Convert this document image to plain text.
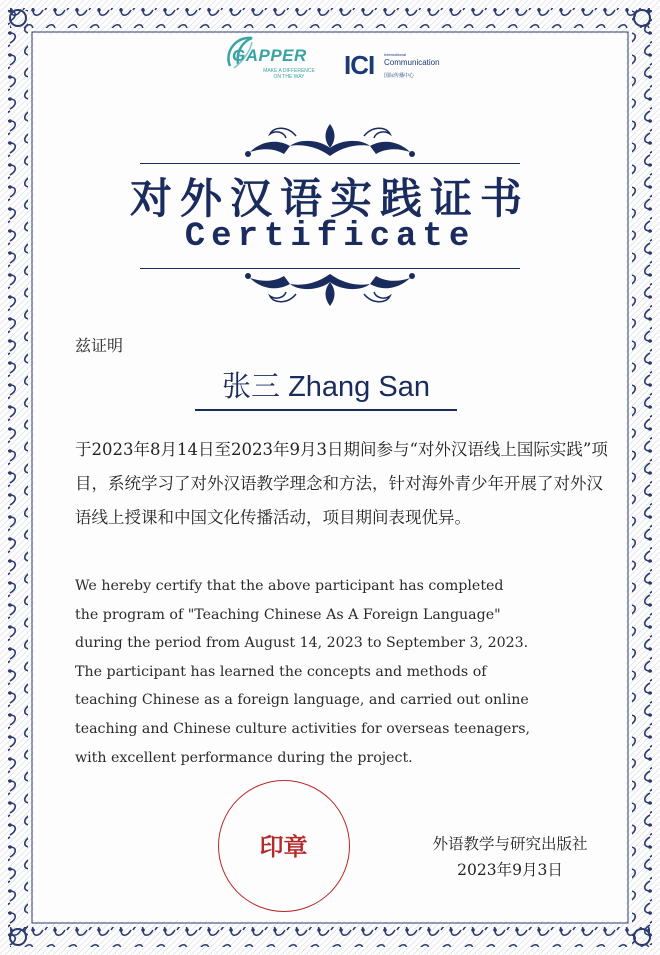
GAPPER
MAKE A DIFFERENCE
ON THE WAY	ICI International
Communication
国际传播中心
对外汉语实践证书
Certificate
兹证明
张三 Zhang San

于2023年8月14日至2023年9月3日期间参与“对外汉语线上国际实践”项目，系统学习了对外汉语教学理念和方法，针对海外青少年开展了对外汉语线上授课和中国文化传播活动，项目期间表现优异。

We hereby certify that the above participant has completed
the program of "Teaching Chinese As A Foreign Language"
during the period from August 14, 2023 to September 3, 2023.
The participant has learned the concepts and methods of
teaching Chinese as a foreign language, and carried out online
teaching and Chinese culture activities for overseas teenagers,
with excellent performance during the project.
印章	外语教学与研究出版社
2023年9月3日
